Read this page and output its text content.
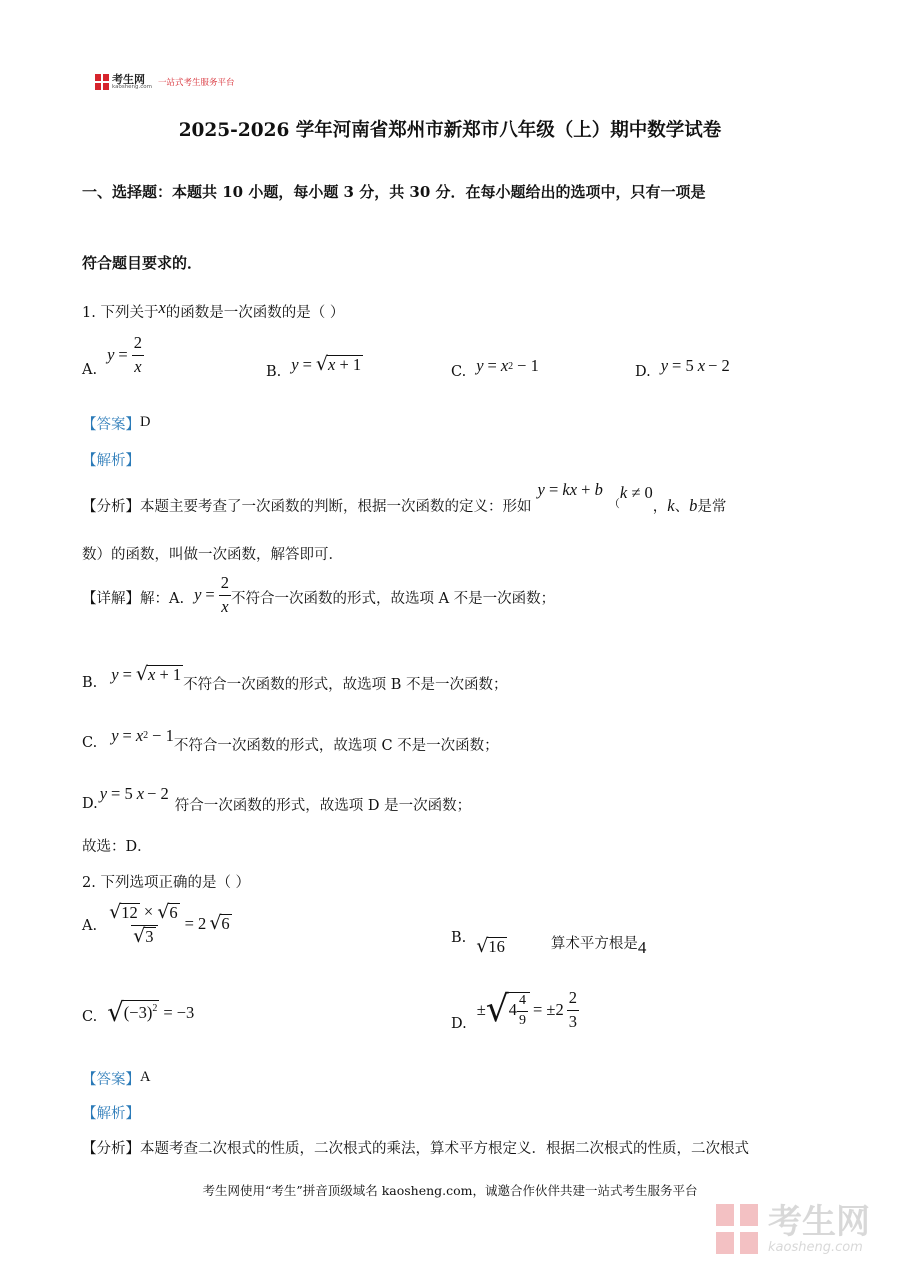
考生网
kaosheng.com 一站式考生服务平台
2025-2026 学年河南省郑州市新郑市八年级（上）期中数学试卷
一、选择题：本题共 10 小题，每小题 3 分，共 30 分．在每小题给出的选项中，只有一项是
符合题目要求的．
1. 下列关于x的函数是一次函数的是（ ）
A.
$y = \frac{2}{x}$	B. y = √ x + 1	C. y = x 2 − 1	D. y = 5 x − 2
【答案】D
【解析】
【分析】本题主要考查了一次函数的判断，根据一次函数的定义：形如
y = kx + b
（
k ≠ 0
，k、b是常
数）的函数，叫做一次函数，解答即可．
【详解】解：A. $y = \frac{2}{x}$ 不符合一次函数的形式，故选项 A 不是一次函数；
B. y = √ x + 1
不符合一次函数的形式，故选项 B 不是一次函数；
C. y = x 2 − 1
不符合一次函数的形式，故选项 C 不是一次函数；
D.
y = 5 x − 2
符合一次函数的形式，故选项 D 是一次函数；
故选：D．
2. 下列选项正确的是（ ）
A. $\frac{√ 12 \times √ 6}{√ 3} = 2$ √ 6
B. √ 16	算术平方根是 4
C. √ $(-3)^2 = -3$
D.
± √ $4 \frac{4}{9} = \pm 2 \frac{2}{3}$
【答案】A
【解析】
【分析】本题考查二次根式的性质，二次根式的乘法，算术平方根定义．根据二次根式的性质，二次根式
考生网使用“考生”拼音顶级域名 kaosheng.com，诚邀合作伙伴共建一站式考生服务平台
考生网
kaosheng.com
